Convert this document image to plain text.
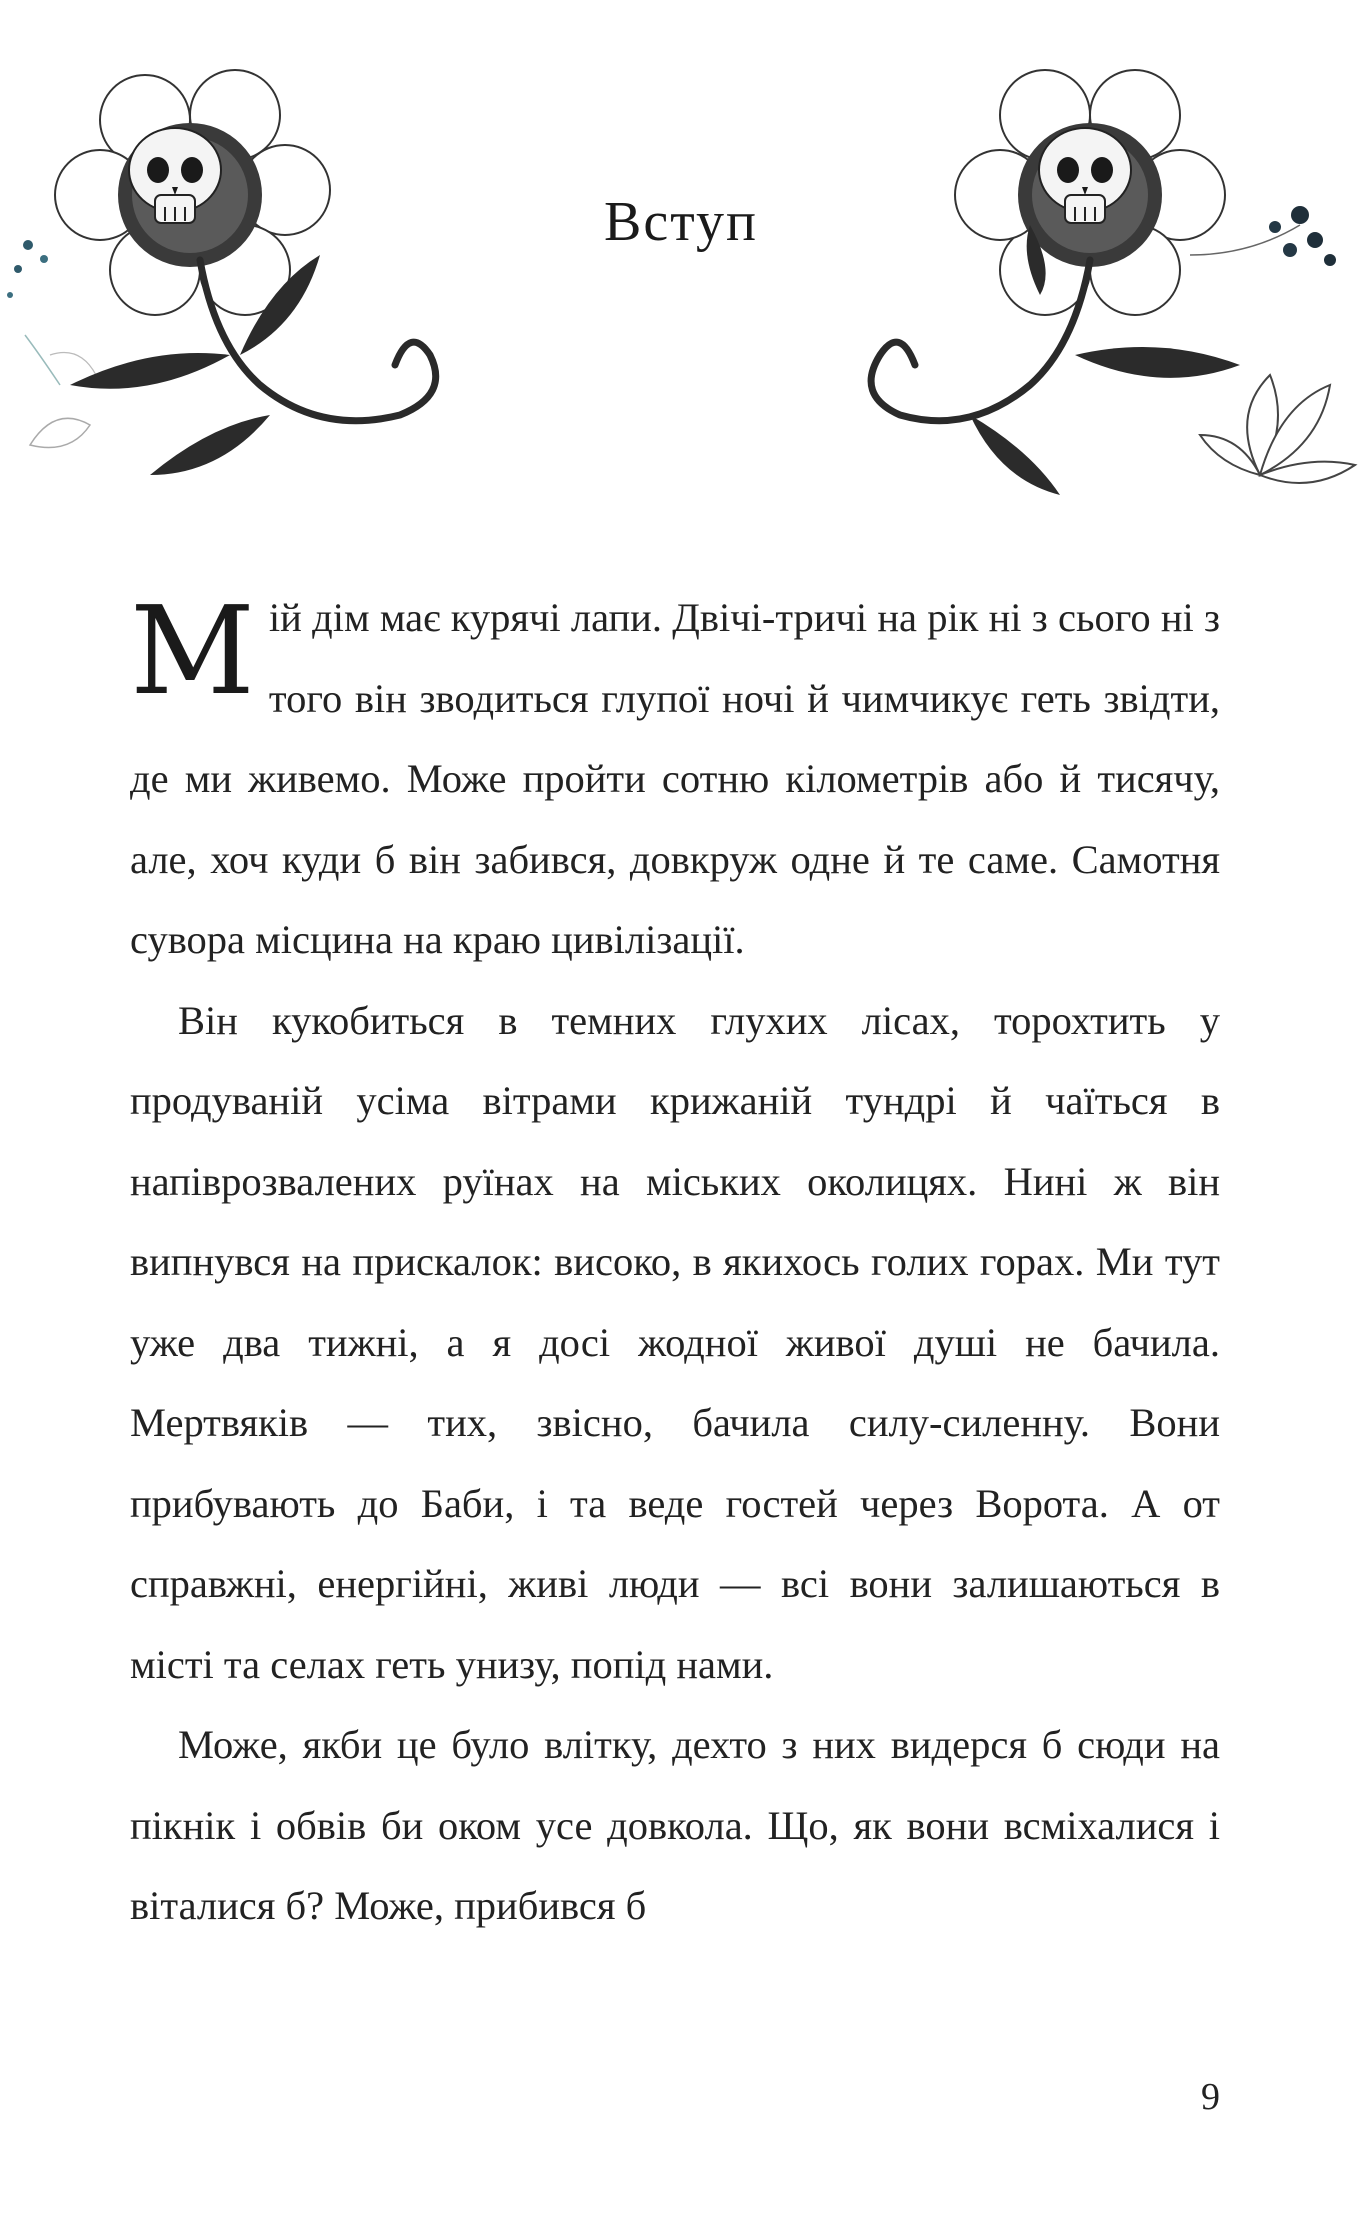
Вступ

Мій дім має курячі лапи. Двічі-тричі на рік ні з сього ні з того він зводиться глупої ночі й чимчикує геть звідти, де ми живемо. Може пройти сотню кілометрів або й тисячу, але, хоч куди б він забився, довкруж одне й те саме. Самотня сувора місцина на краю цивілізації.

Він кукобиться в темних глухих лісах, торохтить у продуваній усіма вітрами крижаній тундрі й чаїться в напіврозвалених руїнах на міських околицях. Нині ж він випнувся на прискалок: високо, в якихось голих горах. Ми тут уже два тижні, а я досі жодної живої душі не бачила. Мертвяків — тих, звісно, бачила силу-силенну. Вони прибувають до Баби, і та веде гостей через Ворота. А от справжні, енергійні, живі люди — всі вони залишаються в місті та селах геть унизу, попід нами.

Може, якби це було влітку, дехто з них видерся б сюди на пікнік і обвів би оком усе довкола. Що, як вони всміхалися і віталися б? Може, прибився б

9
